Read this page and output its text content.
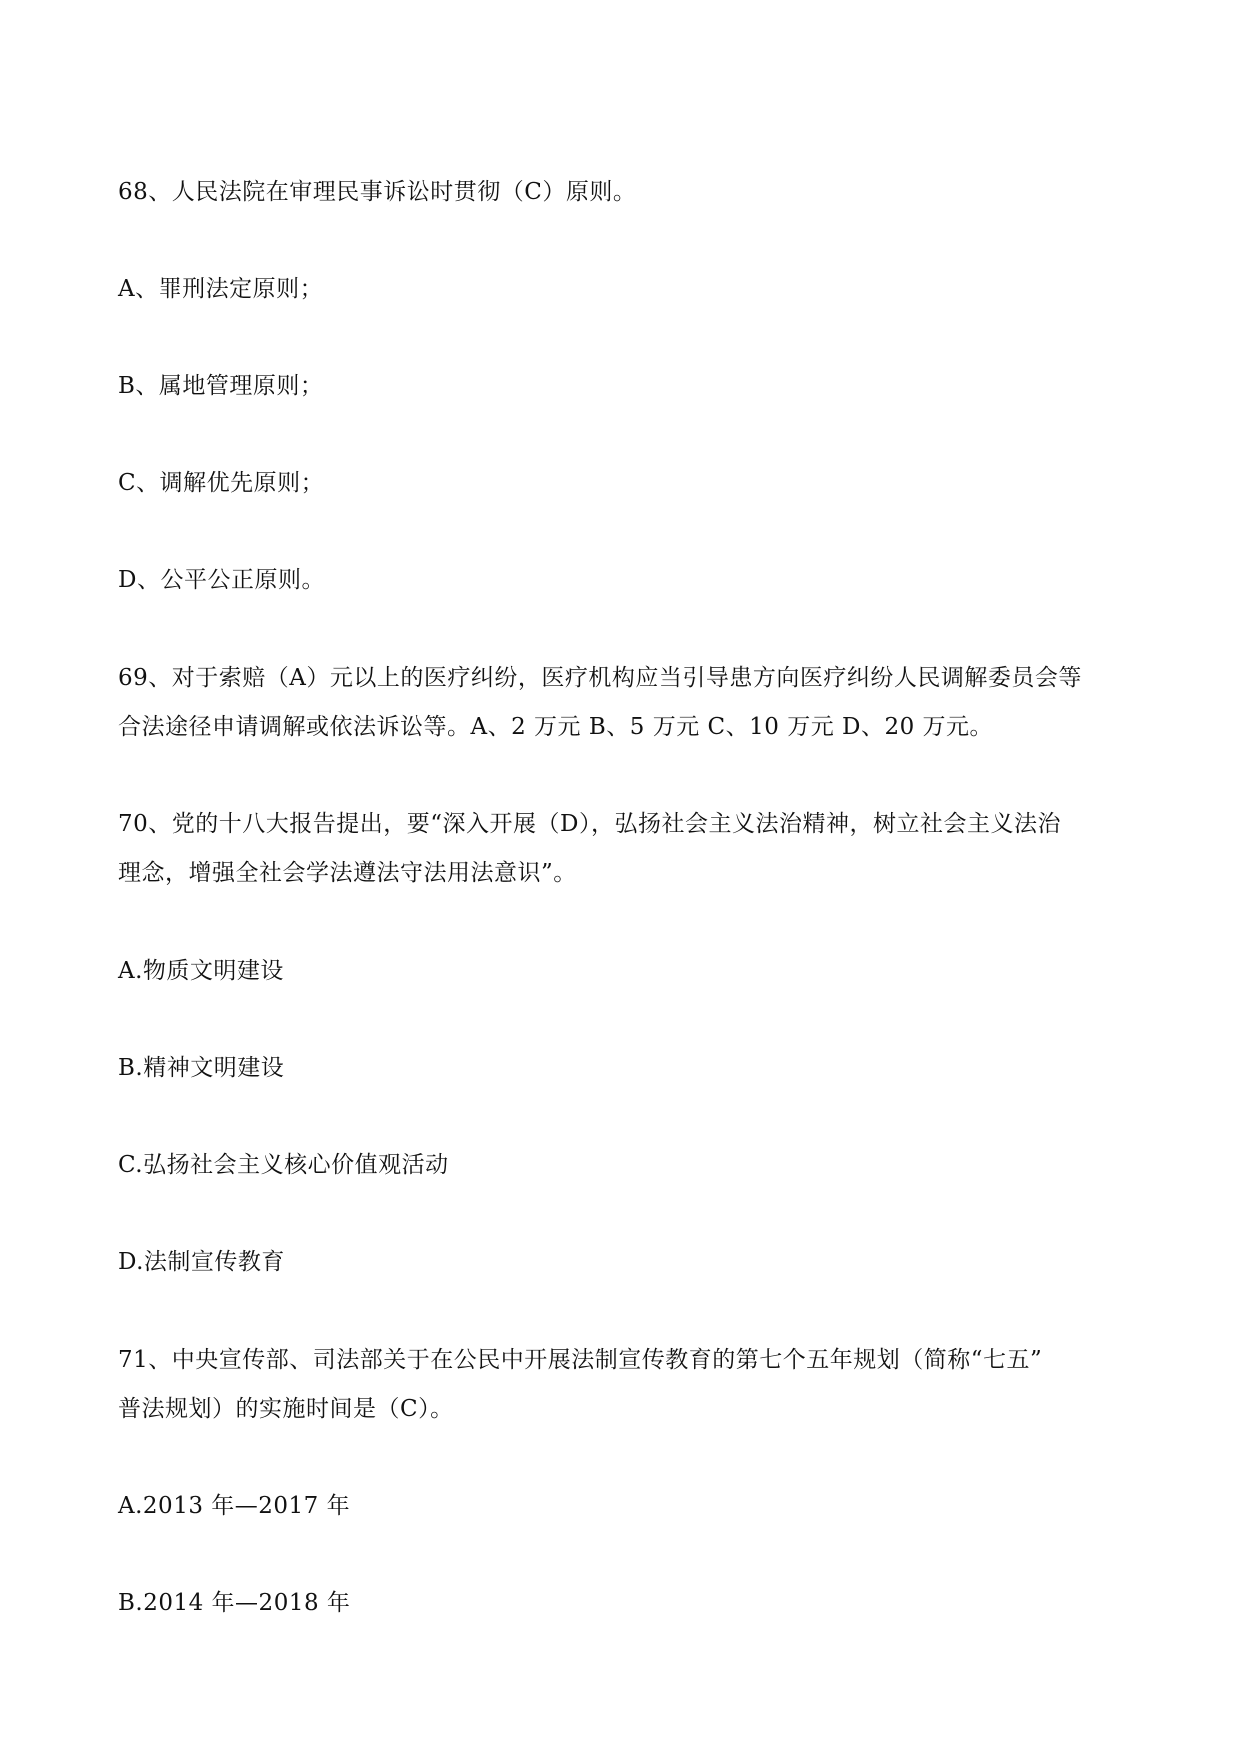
68、人民法院在审理民事诉讼时贯彻（C）原则。
A、罪刑法定原则；
B、属地管理原则；
C、调解优先原则；
D、公平公正原则。
69、对于索赔（A）元以上的医疗纠纷，医疗机构应当引导患方向医疗纠纷人民调解委员会等
合法途径申请调解或依法诉讼等。A、2 万元 B、5 万元 C、10 万元 D、20 万元。
70、党的十八大报告提出，要“深入开展（D），弘扬社会主义法治精神，树立社会主义法治
理念，增强全社会学法遵法守法用法意识”。
A.物质文明建设
B.精神文明建设
C.弘扬社会主义核心价值观活动
D.法制宣传教育
71、中央宣传部、司法部关于在公民中开展法制宣传教育的第七个五年规划（简称“七五”
普法规划）的实施时间是（C）。
A.2013 年—2017 年
B.2014 年—2018 年
